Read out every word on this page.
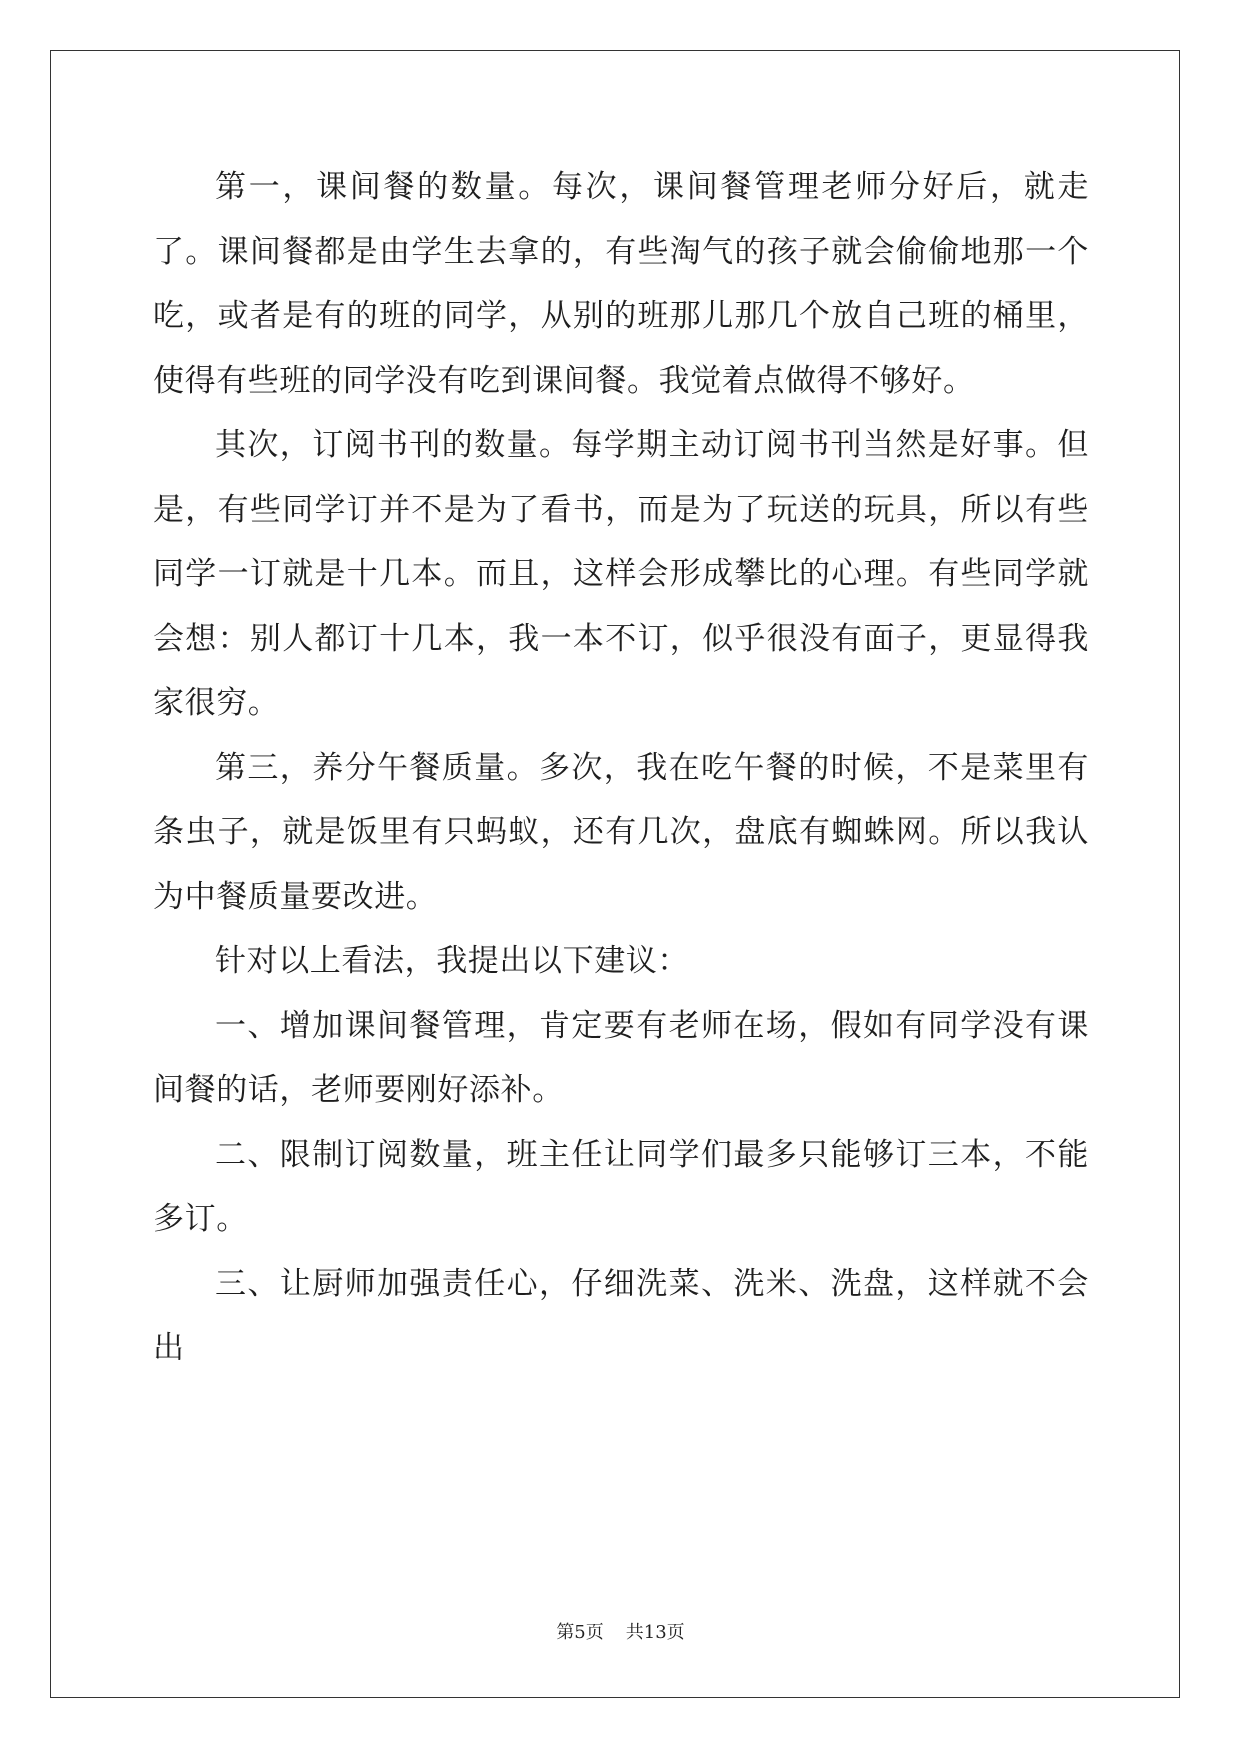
第一，课间餐的数量。每次，课间餐管理老师分好后，就走了。课间餐都是由学生去拿的，有些淘气的孩子就会偷偷地那一个吃，或者是有的班的同学，从别的班那儿那几个放自己班的桶里，使得有些班的同学没有吃到课间餐。我觉着点做得不够好。

其次，订阅书刊的数量。每学期主动订阅书刊当然是好事。但是，有些同学订并不是为了看书，而是为了玩送的玩具，所以有些同学一订就是十几本。而且，这样会形成攀比的心理。有些同学就会想：别人都订十几本，我一本不订，似乎很没有面子，更显得我家很穷。

第三，养分午餐质量。多次，我在吃午餐的时候，不是菜里有条虫子，就是饭里有只蚂蚁，还有几次，盘底有蜘蛛网。所以我认为中餐质量要改进。

针对以上看法，我提出以下建议：

一、增加课间餐管理，肯定要有老师在场，假如有同学没有课间餐的话，老师要刚好添补。

二、限制订阅数量，班主任让同学们最多只能够订三本，不能多订。

三、让厨师加强责任心，仔细洗菜、洗米、洗盘，这样就不会出

第5页 共13页
